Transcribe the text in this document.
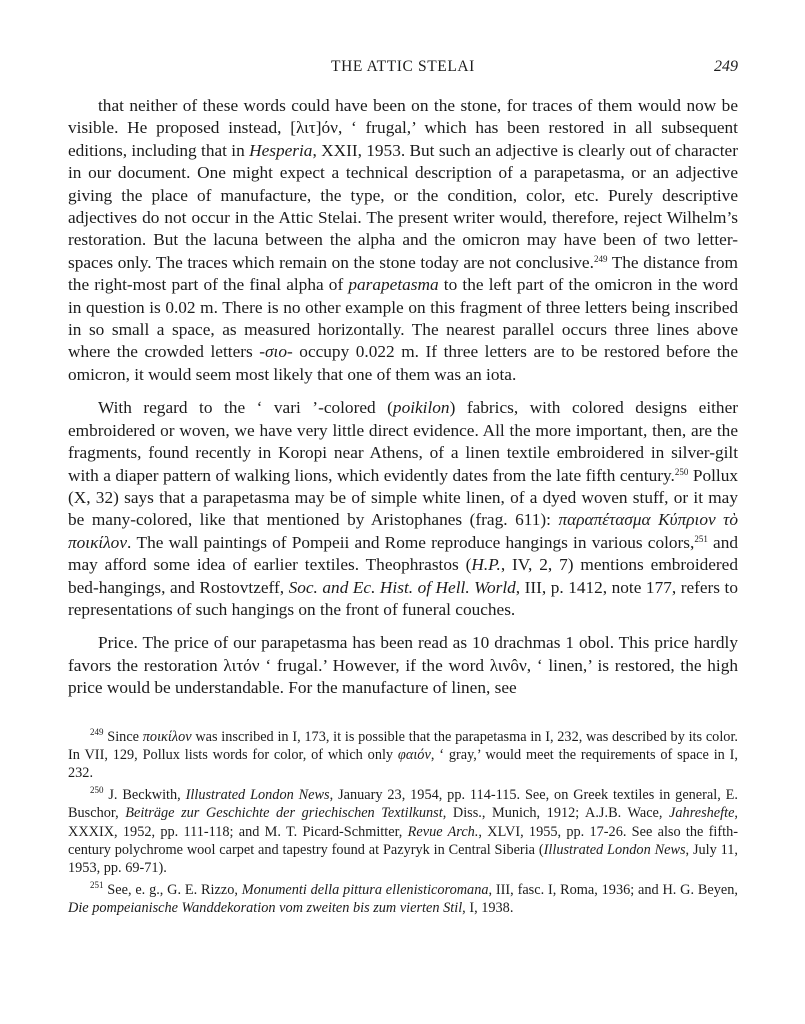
THE ATTIC STELAI	249

that neither of these words could have been on the stone, for traces of them would now be visible. He proposed instead, [λιτ]όν, ‘ frugal,’ which has been restored in all subsequent editions, including that in Hesperia, XXII, 1953. But such an adjective is clearly out of character in our document. One might expect a technical description of a parapetasma, or an adjective giving the place of manufacture, the type, or the condition, color, etc. Purely descriptive adjectives do not occur in the Attic Stelai. The present writer would, therefore, reject Wilhelm’s restoration. But the lacuna between the alpha and the omicron may have been of two letter-spaces only. The traces which remain on the stone today are not conclusive.$^{249}$ The distance from the right-most part of the final alpha of parapetasma to the left part of the omicron in the word in question is 0.02 m. There is no other example on this fragment of three letters being inscribed in so small a space, as measured horizontally. The nearest parallel occurs three lines above where the crowded letters -σιο- occupy 0.022 m. If three letters are to be restored before the omicron, it would seem most likely that one of them was an iota.

With regard to the ‘ vari ’-colored (poikilon) fabrics, with colored designs either embroidered or woven, we have very little direct evidence. All the more important, then, are the fragments, found recently in Koropi near Athens, of a linen textile embroidered in silver-gilt with a diaper pattern of walking lions, which evidently dates from the late fifth century.$^{250}$ Pollux (X, 32) says that a parapetasma may be of simple white linen, of a dyed woven stuff, or it may be many-colored, like that mentioned by Aristophanes (frag. 611): παραπέτασμα Κύπριον τὸ ποικίλον. The wall paintings of Pompeii and Rome reproduce hangings in various colors,$^{251}$ and may afford some idea of earlier textiles. Theophrastos (H.P., IV, 2, 7) mentions embroidered bed-hangings, and Rostovtzeff, Soc. and Ec. Hist. of Hell. World, III, p. 1412, note 177, refers to representations of such hangings on the front of funeral couches.

Price. The price of our parapetasma has been read as 10 drachmas 1 obol. This price hardly favors the restoration λιτόν ‘ frugal.’ However, if the word λινôν, ‘ linen,’ is restored, the high price would be understandable. For the manufacture of linen, see

$^{249}$ Since ποικίλον was inscribed in I, 173, it is possible that the parapetasma in I, 232, was described by its color. In VII, 129, Pollux lists words for color, of which only φαιόν, ‘ gray,’ would meet the requirements of space in I, 232.

$^{250}$ J. Beckwith, Illustrated London News, January 23, 1954, pp. 114-115. See, on Greek textiles in general, E. Buschor, Beiträge zur Geschichte der griechischen Textilkunst, Diss., Munich, 1912; A.J.B. Wace, Jahreshefte, XXXIX, 1952, pp. 111-118; and M. T. Picard-Schmitter, Revue Arch., XLVI, 1955, pp. 17-26. See also the fifth-century polychrome wool carpet and tapestry found at Pazyryk in Central Siberia (Illustrated London News, July 11, 1953, pp. 69-71).

$^{251}$ See, e. g., G. E. Rizzo, Monumenti della pittura ellenisticoromana, III, fasc. I, Roma, 1936; and H. G. Beyen, Die pompeianische Wanddekoration vom zweiten bis zum vierten Stil, I, 1938.
